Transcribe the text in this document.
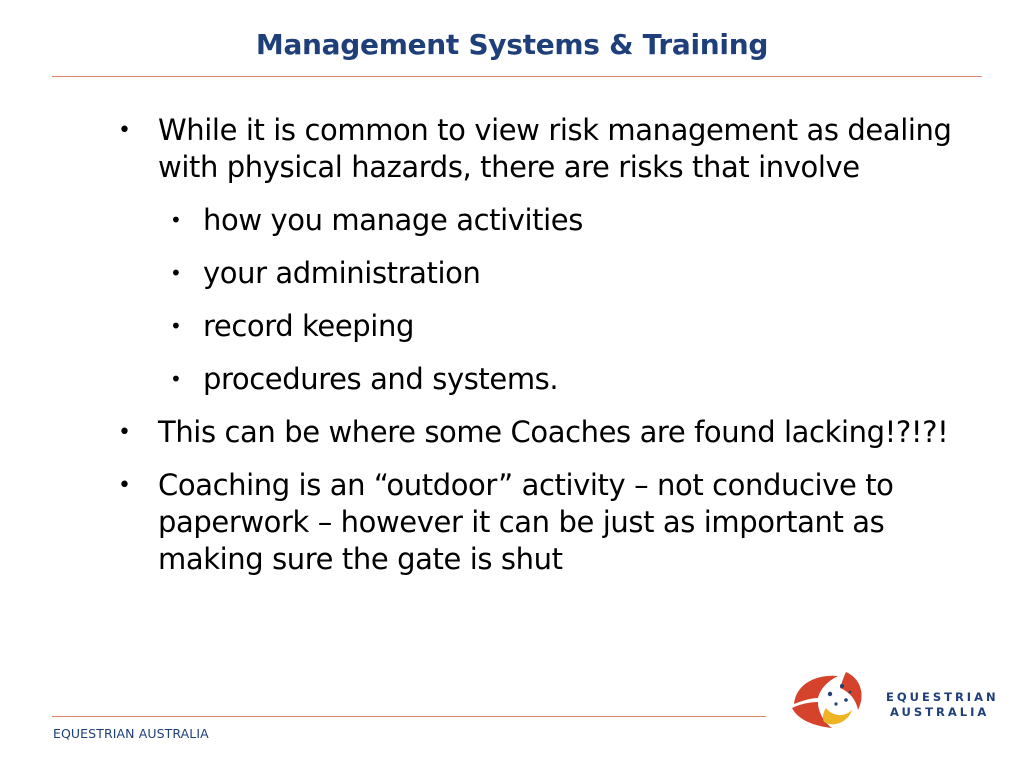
Management Systems & Training

• While it is common to view risk management as dealing with physical hazards, there are risks that involve

• how you manage activities

• your administration

• record keeping

• procedures and systems.

• This can be where some Coaches are found lacking!?!?!

• Coaching is an “outdoor” activity – not conducive to paperwork – however it can be just as important as making sure the gate is shut

EQUESTRIAN AUSTRALIA
EQUESTRIAN
AUSTRALIA
